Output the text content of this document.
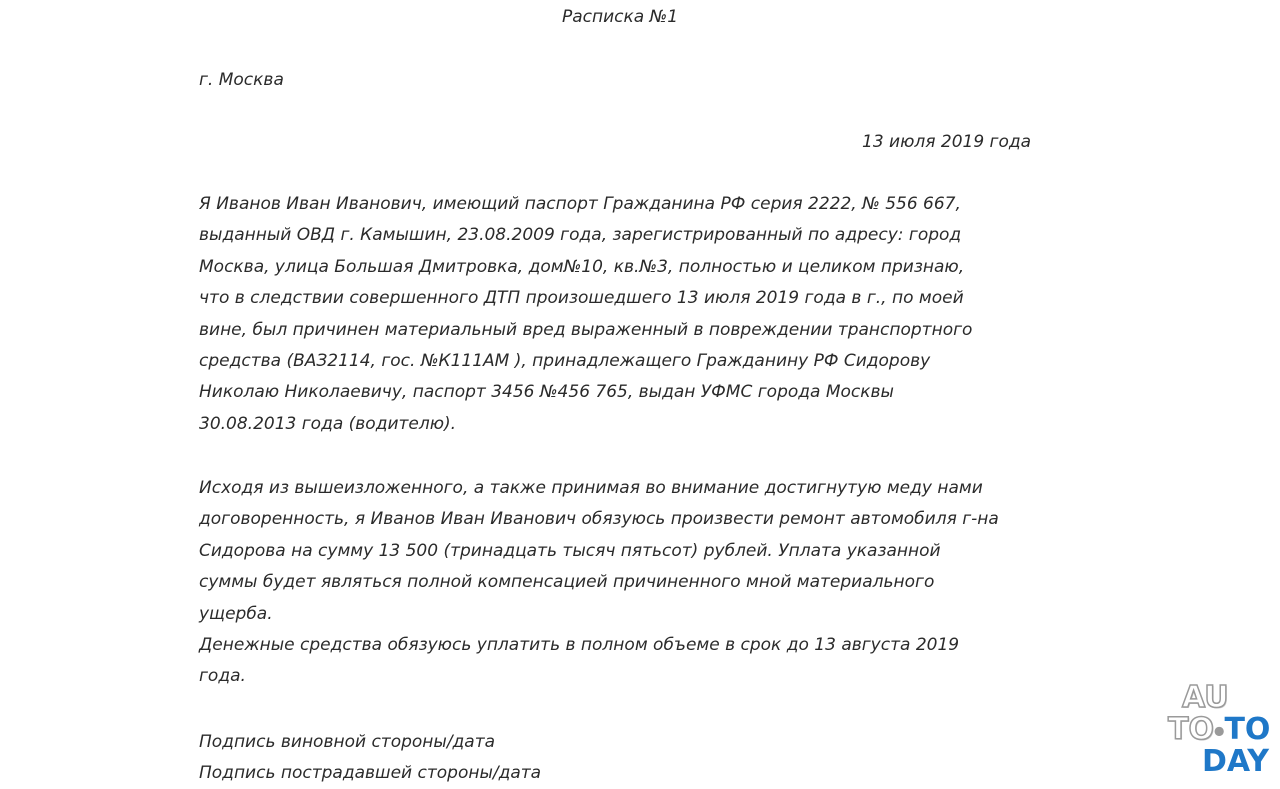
Расписка №1
г. Москва
13 июля 2019 года
Я Иванов Иван Иванович, имеющий паспорт Гражданина РФ серия 2222, № 556 667,
выданный ОВД г. Камышин, 23.08.2009 года, зарегистрированный по адресу: город
Москва, улица Большая Дмитровка, дом№10, кв.№3, полностью и целиком признаю,
что в следствии совершенного ДТП произошедшего 13 июля 2019 года в г., по моей
вине, был причинен материальный вред выраженный в повреждении транспортного
средства (ВАЗ2114, гос. №К111АМ ), принадлежащего Гражданину РФ Сидорову
Николаю Николаевичу, паспорт 3456 №456 765, выдан УФМС города Москвы
30.08.2013 года (водителю).
Исходя из вышеизложенного, а также принимая во внимание достигнутую меду нами
договоренность, я Иванов Иван Иванович обязуюсь произвести ремонт автомобиля г-на
Сидорова на сумму 13 500 (тринадцать тысяч пятьсот) рублей. Уплата указанной
суммы будет являться полной компенсацией причиненного мной материального
ущерба.
Денежные средства обязуюсь уплатить в полном объеме в срок до 13 августа 2019
года.
Подпись виновной стороны/дата
Подпись пострадавшей стороны/дата
AU
TO●TO
DAY
